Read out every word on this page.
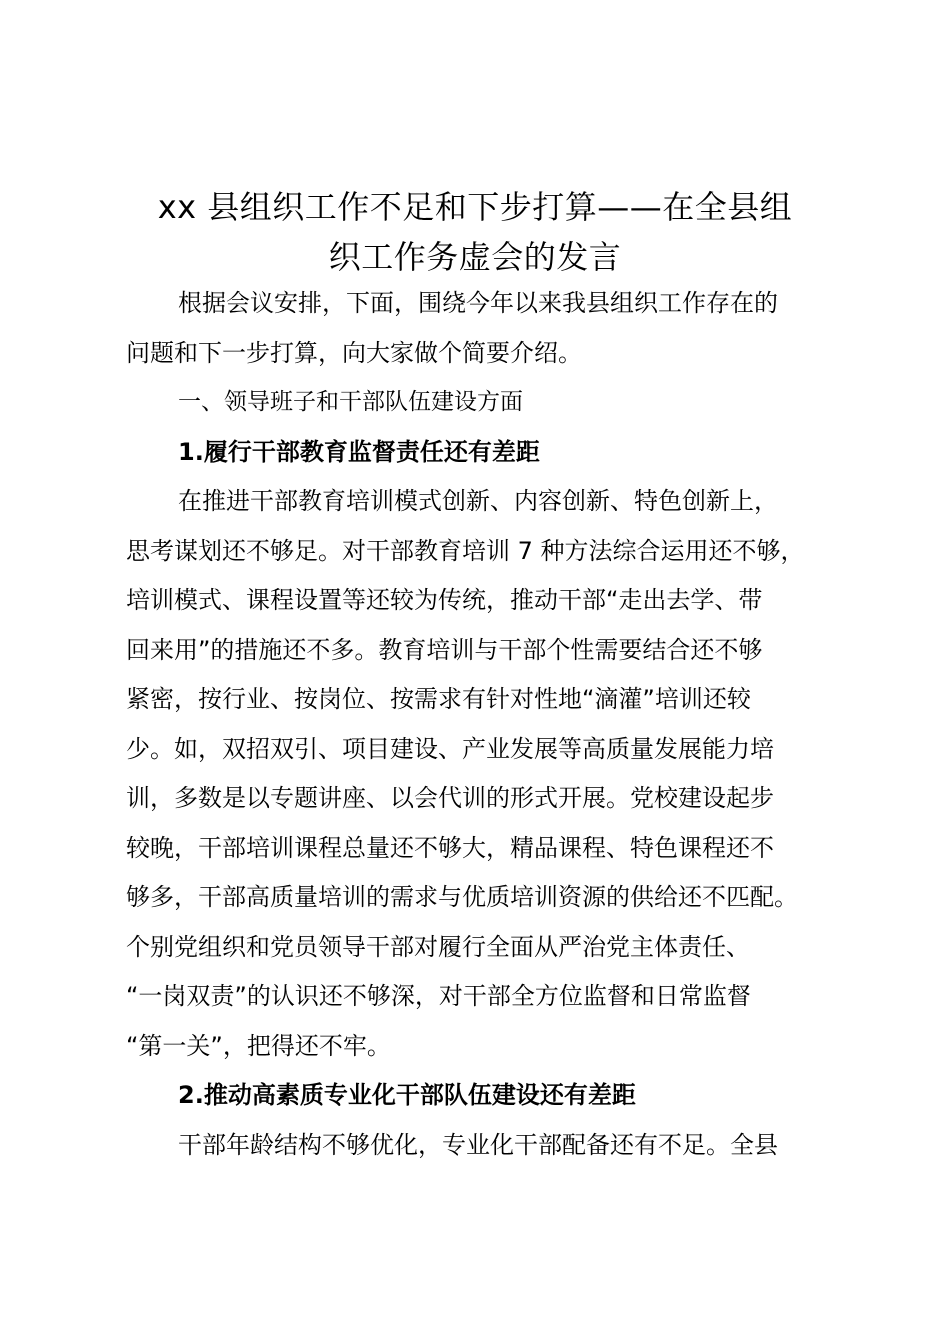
xx 县组织工作不足和下步打算——在全县组
织工作务虚会的发言
根据会议安排，下面，围绕今年以来我县组织工作存在的
问题和下一步打算，向大家做个简要介绍。
一、领导班子和干部队伍建设方面
1.履行干部教育监督责任还有差距
在推进干部教育培训模式创新、内容创新、特色创新上，
思考谋划还不够足。对干部教育培训 7 种方法综合运用还不够，
培训模式、课程设置等还较为传统，推动干部“走出去学、带
回来用”的措施还不多。教育培训与干部个性需要结合还不够
紧密，按行业、按岗位、按需求有针对性地“滴灌”培训还较
少。如，双招双引、项目建设、产业发展等高质量发展能力培
训，多数是以专题讲座、以会代训的形式开展。党校建设起步
较晚，干部培训课程总量还不够大，精品课程、特色课程还不
够多，干部高质量培训的需求与优质培训资源的供给还不匹配。
个别党组织和党员领导干部对履行全面从严治党主体责任、
“一岗双责”的认识还不够深，对干部全方位监督和日常监督
“第一关”，把得还不牢。
2.推动高素质专业化干部队伍建设还有差距
干部年龄结构不够优化，专业化干部配备还有不足。全县
